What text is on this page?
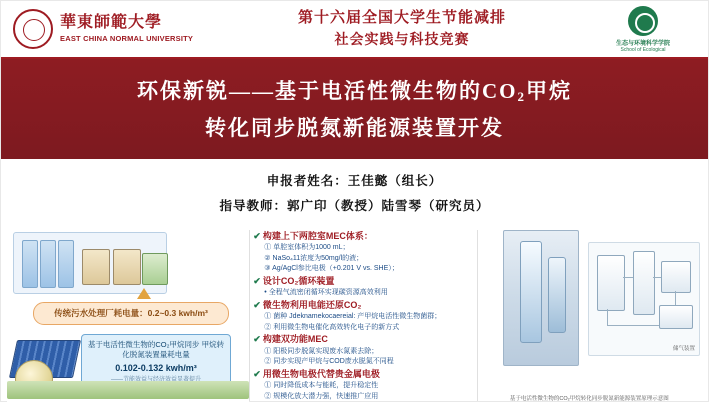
華東師範大學
EAST CHINA NORMAL UNIVERSITY
第十六届全国大学生节能减排
社会实践与科技竞赛	生态与环境科学学院
School of Ecological
环保新锐——基于电活性微生物的$CO_2$甲烷
转化同步脱氮新能源装置开发
申报者姓名：王佳懿（组长）
指导教师：郭广印（教授）陆雪琴（研究员）
传统污水处理厂耗电量：0.2~0.3 kwh/m³
基于电活性微生物的CO₂甲烷同步 甲烷转化脱氮装置量耗电量
0.102-0.132 kwh/m³
✔ 构建上下两腔室MEC体系：
① 单腔室体积为1000 mL；
② NaSo₄11浓度为50mg/l的液；
③ Ag/AgCl参比电极（+0.201 V vs. SHE）；
✔ 设计CO₂循环装置
• 全程气流密闭循环实现碳资源高效利用
✔ 微生物利用电能还原CO₂
① 菌种 Jdeknamekocaereial: 产甲烷电活性微生物菌群；
② 利用微生物电催化高效转化电子的新方式
✔ 构建双功能MEC
① 阳极同步脱氮实现废水氮素去除；
② 同步实现产甲烷与COD废水脱氮不同程
✔ 用微生物电极代替贵金属电极
① 同时降低成本与能耗，提升稳定性
② 规模化放大潜力强，快速推广应用
储气装置
基于电活性微生物的CO₂甲烷转化同步脱氮新能源装置原理示意图
